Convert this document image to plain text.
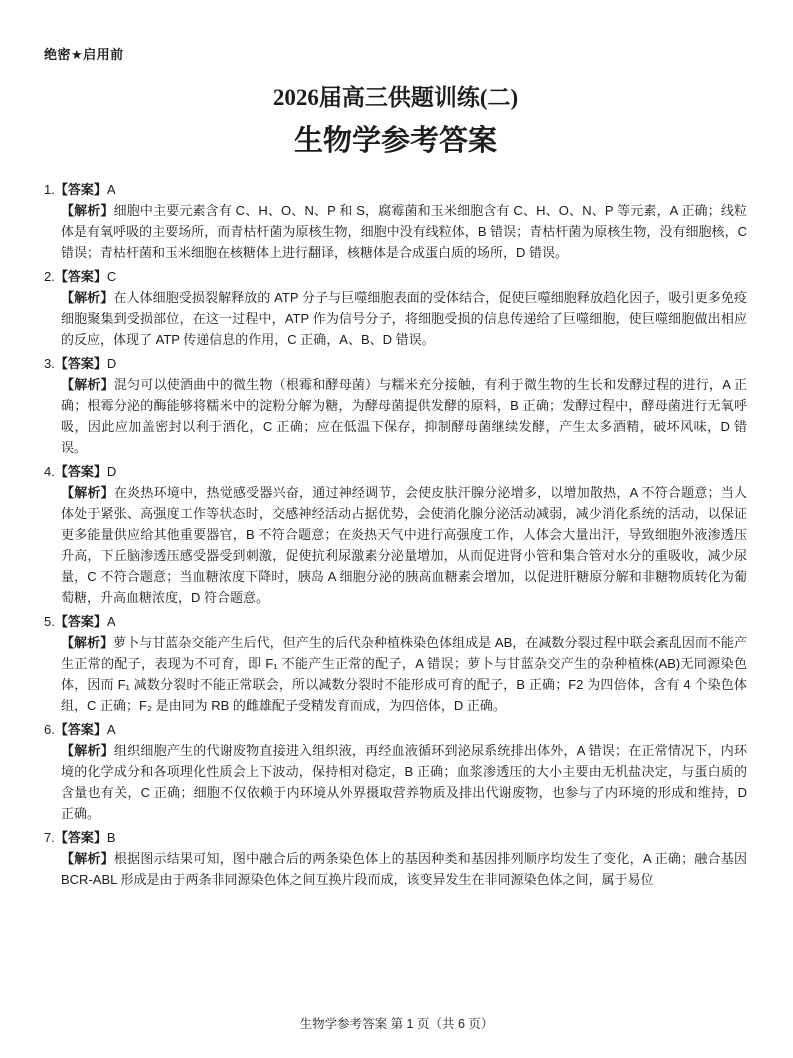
绝密★启用前
2026届高三供题训练(二)
生物学参考答案
1.【答案】A

【解析】细胞中主要元素含有 C、H、O、N、P 和 S，腐霉菌和玉米细胞含有 C、H、O、N、P 等元素，A 正确；线粒体是有氧呼吸的主要场所，而青枯杆菌为原核生物，细胞中没有线粒体，B 错误；青枯杆菌为原核生物，没有细胞核，C 错误；青枯杆菌和玉米细胞在核糖体上进行翻译，核糖体是合成蛋白质的场所，D 错误。

2.【答案】C

【解析】在人体细胞受损裂解释放的 ATP 分子与巨噬细胞表面的受体结合，促使巨噬细胞释放趋化因子，吸引更多免疫细胞聚集到受损部位，在这一过程中，ATP 作为信号分子，将细胞受损的信息传递给了巨噬细胞，使巨噬细胞做出相应的反应，体现了 ATP 传递信息的作用，C 正确，A、B、D 错误。

3.【答案】D

【解析】混匀可以使酒曲中的微生物（根霉和酵母菌）与糯米充分接触，有利于微生物的生长和发酵过程的进行，A 正确；根霉分泌的酶能够将糯米中的淀粉分解为糖，为酵母菌提供发酵的原料，B 正确；发酵过程中，酵母菌进行无氧呼吸，因此应加盖密封以利于酒化，C 正确；应在低温下保存，抑制酵母菌继续发酵，产生太多酒精，破坏风味，D 错误。

4.【答案】D

【解析】在炎热环境中，热觉感受器兴奋，通过神经调节，会使皮肤汗腺分泌增多，以增加散热，A 不符合题意；当人体处于紧张、高强度工作等状态时，交感神经活动占据优势，会使消化腺分泌活动减弱，减少消化系统的活动，以保证更多能量供应给其他重要器官，B 不符合题意；在炎热天气中进行高强度工作，人体会大量出汗，导致细胞外液渗透压升高，下丘脑渗透压感受器受到刺激，促使抗利尿激素分泌量增加，从而促进肾小管和集合管对水分的重吸收，减少尿量，C 不符合题意；当血糖浓度下降时，胰岛 A 细胞分泌的胰高血糖素会增加，以促进肝糖原分解和非糖物质转化为葡萄糖，升高血糖浓度，D 符合题意。

5.【答案】A

【解析】萝卜与甘蓝杂交能产生后代，但产生的后代杂种植株染色体组成是 AB，在减数分裂过程中联会紊乱因而不能产生正常的配子，表现为不可育，即 F₁ 不能产生正常的配子，A 错误；萝卜与甘蓝杂交产生的杂种植株(AB)无同源染色体，因而 F₁ 减数分裂时不能正常联会，所以减数分裂时不能形成可育的配子，B 正确；F2 为四倍体，含有 4 个染色体组，C 正确；F₂ 是由同为 RB 的雌雄配子受精发育而成，为四倍体，D 正确。

6.【答案】A

【解析】组织细胞产生的代谢废物直接进入组织液，再经血液循环到泌尿系统排出体外，A 错误；在正常情况下，内环境的化学成分和各项理化性质会上下波动，保持相对稳定，B 正确；血浆渗透压的大小主要由无机盐决定，与蛋白质的含量也有关，C 正确；细胞不仅依赖于内环境从外界摄取营养物质及排出代谢废物，也参与了内环境的形成和维持，D 正确。

7.【答案】B

【解析】根据图示结果可知，图中融合后的两条染色体上的基因种类和基因排列顺序均发生了变化，A 正确；融合基因 BCR-ABL 形成是由于两条非同源染色体之间互换片段而成，该变异发生在非同源染色体之间，属于易位

生物学参考答案 第 1 页（共 6 页）
